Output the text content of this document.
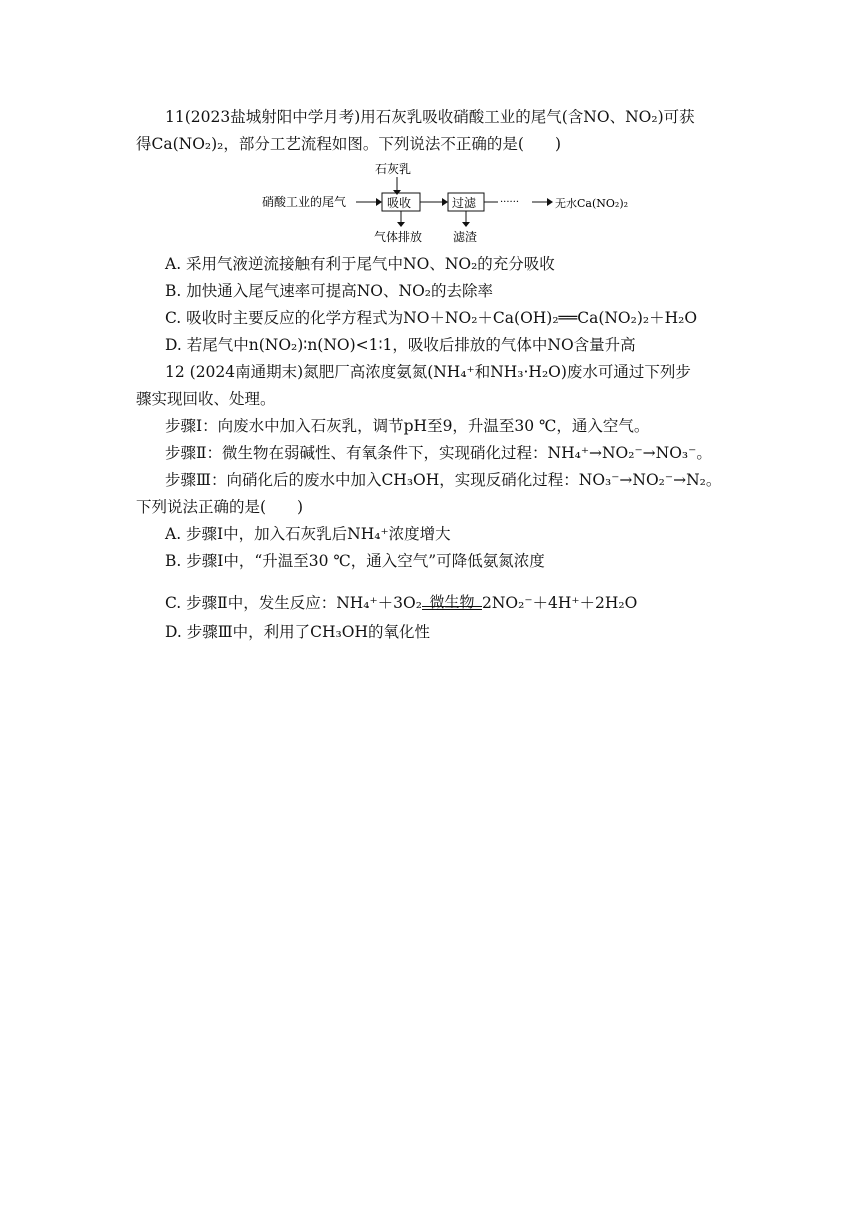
11(2023盐城射阳中学月考)用石灰乳吸收硝酸工业的尾气(含NO、NO₂)可获
得Ca(NO₂)₂，部分工艺流程如图。下列说法不正确的是(　　)
石灰乳
硝酸工业的尾气	吸收	过滤 ······	无水Ca(NO₂)₂
气体排放	滤渣
A. 采用气液逆流接触有利于尾气中NO、NO₂的充分吸收
B. 加快通入尾气速率可提高NO、NO₂的去除率
C. 吸收时主要反应的化学方程式为NO＋NO₂＋Ca(OH)₂══Ca(NO₂)₂＋H₂O
D. 若尾气中n(NO₂)∶n(NO)<1∶1，吸收后排放的气体中NO含量升高
12 (2024南通期末)氮肥厂高浓度氨氮(NH₄⁺和NH₃·H₂O)废水可通过下列步
骤实现回收、处理。
步骤Ⅰ：向废水中加入石灰乳，调节pH至9，升温至30 ℃，通入空气。
步骤Ⅱ：微生物在弱碱性、有氧条件下，实现硝化过程：NH₄⁺→NO₂⁻→NO₃⁻。
步骤Ⅲ：向硝化后的废水中加入CH₃OH，实现反硝化过程：NO₃⁻→NO₂⁻→N₂。
下列说法正确的是(　　)
A. 步骤Ⅰ中，加入石灰乳后NH₄⁺浓度增大
B. 步骤Ⅰ中，“升温至30 ℃，通入空气”可降低氨氮浓度
C. 步骤Ⅱ中，发生反应：NH₄⁺＋3O₂ 微生物 2NO₂⁻＋4H⁺＋2H₂O
D. 步骤Ⅲ中，利用了CH₃OH的氧化性
